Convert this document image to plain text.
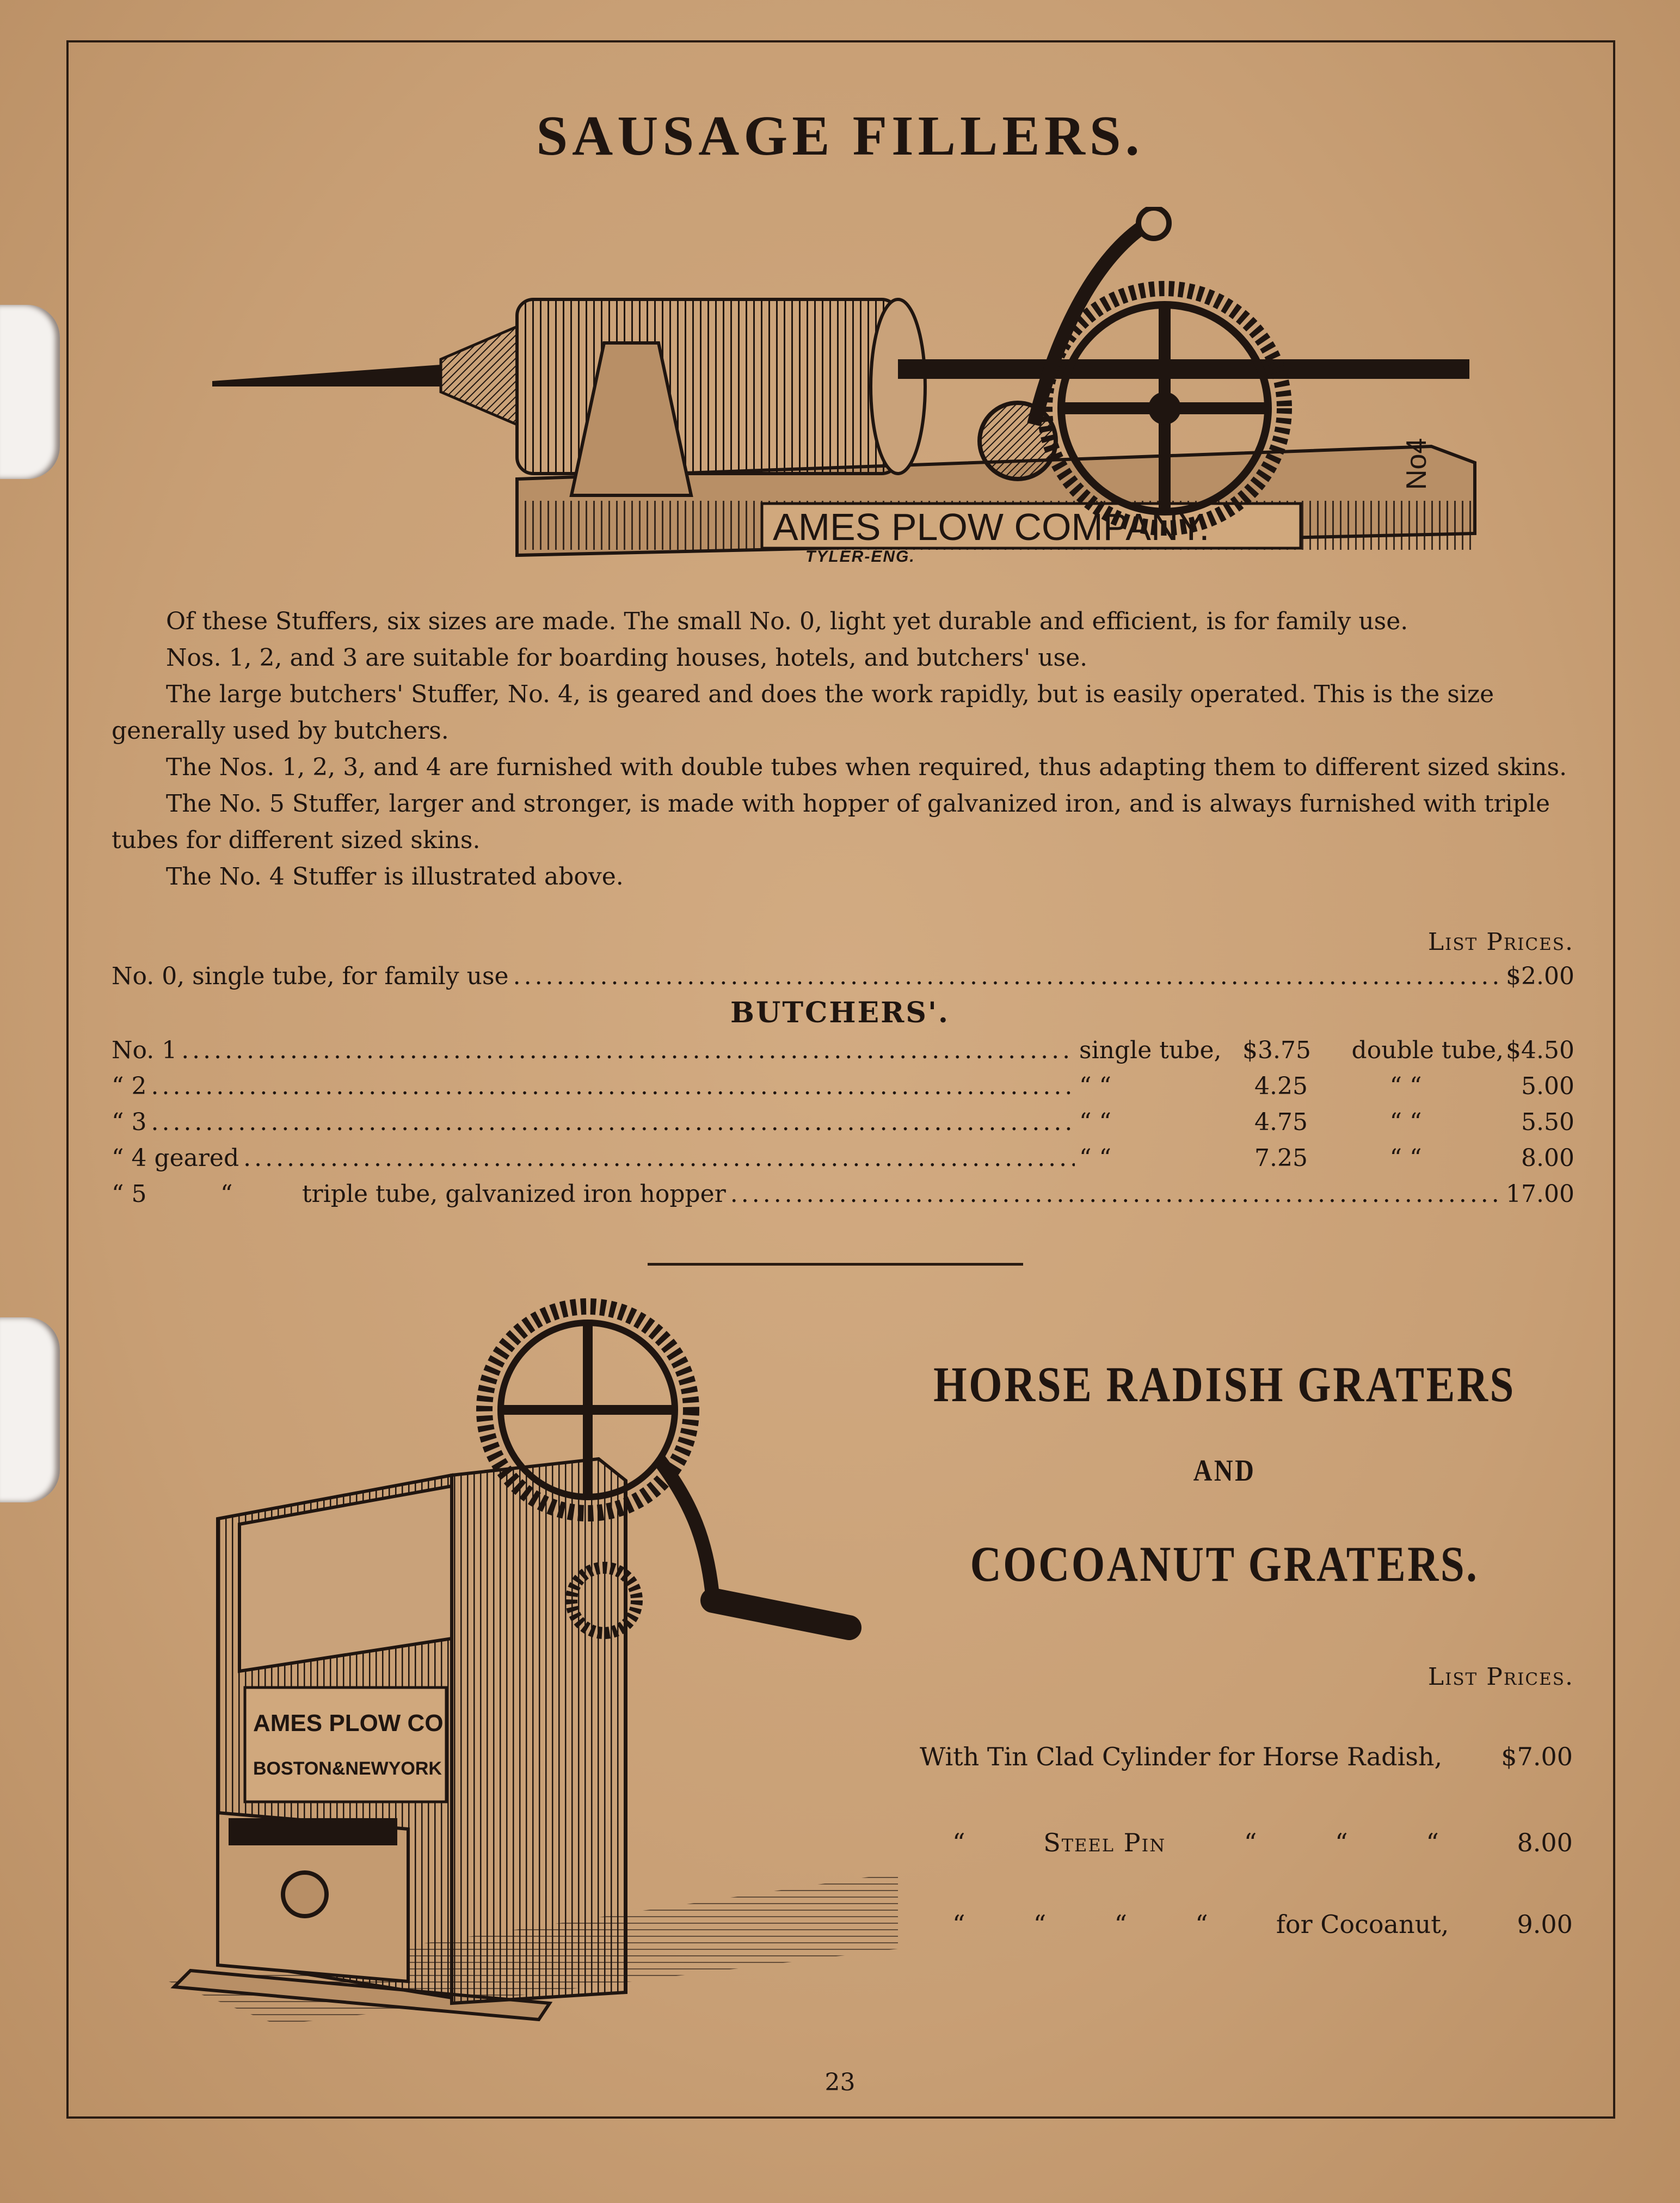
SAUSAGE FILLERS.
AMES PLOW COMPANY.
No4
TYLER-ENG.

Of these Stuffers, six sizes are made. The small No. 0, light yet durable and efficient, is for family use.

Nos. 1, 2, and 3 are suitable for boarding houses, hotels, and butchers' use.

The large butchers' Stuffer, No. 4, is geared and does the work rapidly, but is easily operated. This is the size generally used by butchers.

The Nos. 1, 2, 3, and 4 are furnished with double tubes when required, thus adapting them to different sized skins.

The No. 5 Stuffer, larger and stronger, is made with hopper of galvanized iron, and is always furnished with triple tubes for different sized skins.

The No. 4 Stuffer is illustrated above.

List Prices.
No. 0, single tube, for family use .....	$2.00
BUTCHERS'.
No. 1 .....	single tube, $3.75	double tube, $4.50
“ 2 .....	“ “	4.25	“ “	5.00
“ 3 .....	“ “	4.75	“ “	5.50
“ 4 geared .....	“ “	7.25	“ “	8.00
“ 5	“	triple tube, galvanized iron hopper .....	17.00
AMES PLOW CO.
BOSTON&NEWYORK
HORSE RADISH GRATERS
AND
COCOANUT GRATERS.
List Prices.
With Tin Clad Cylinder for Horse Radish, $7.00
“	Steel Pin	“	“	“	8.00
“	“	“	“	for Cocoanut,	9.00
23
